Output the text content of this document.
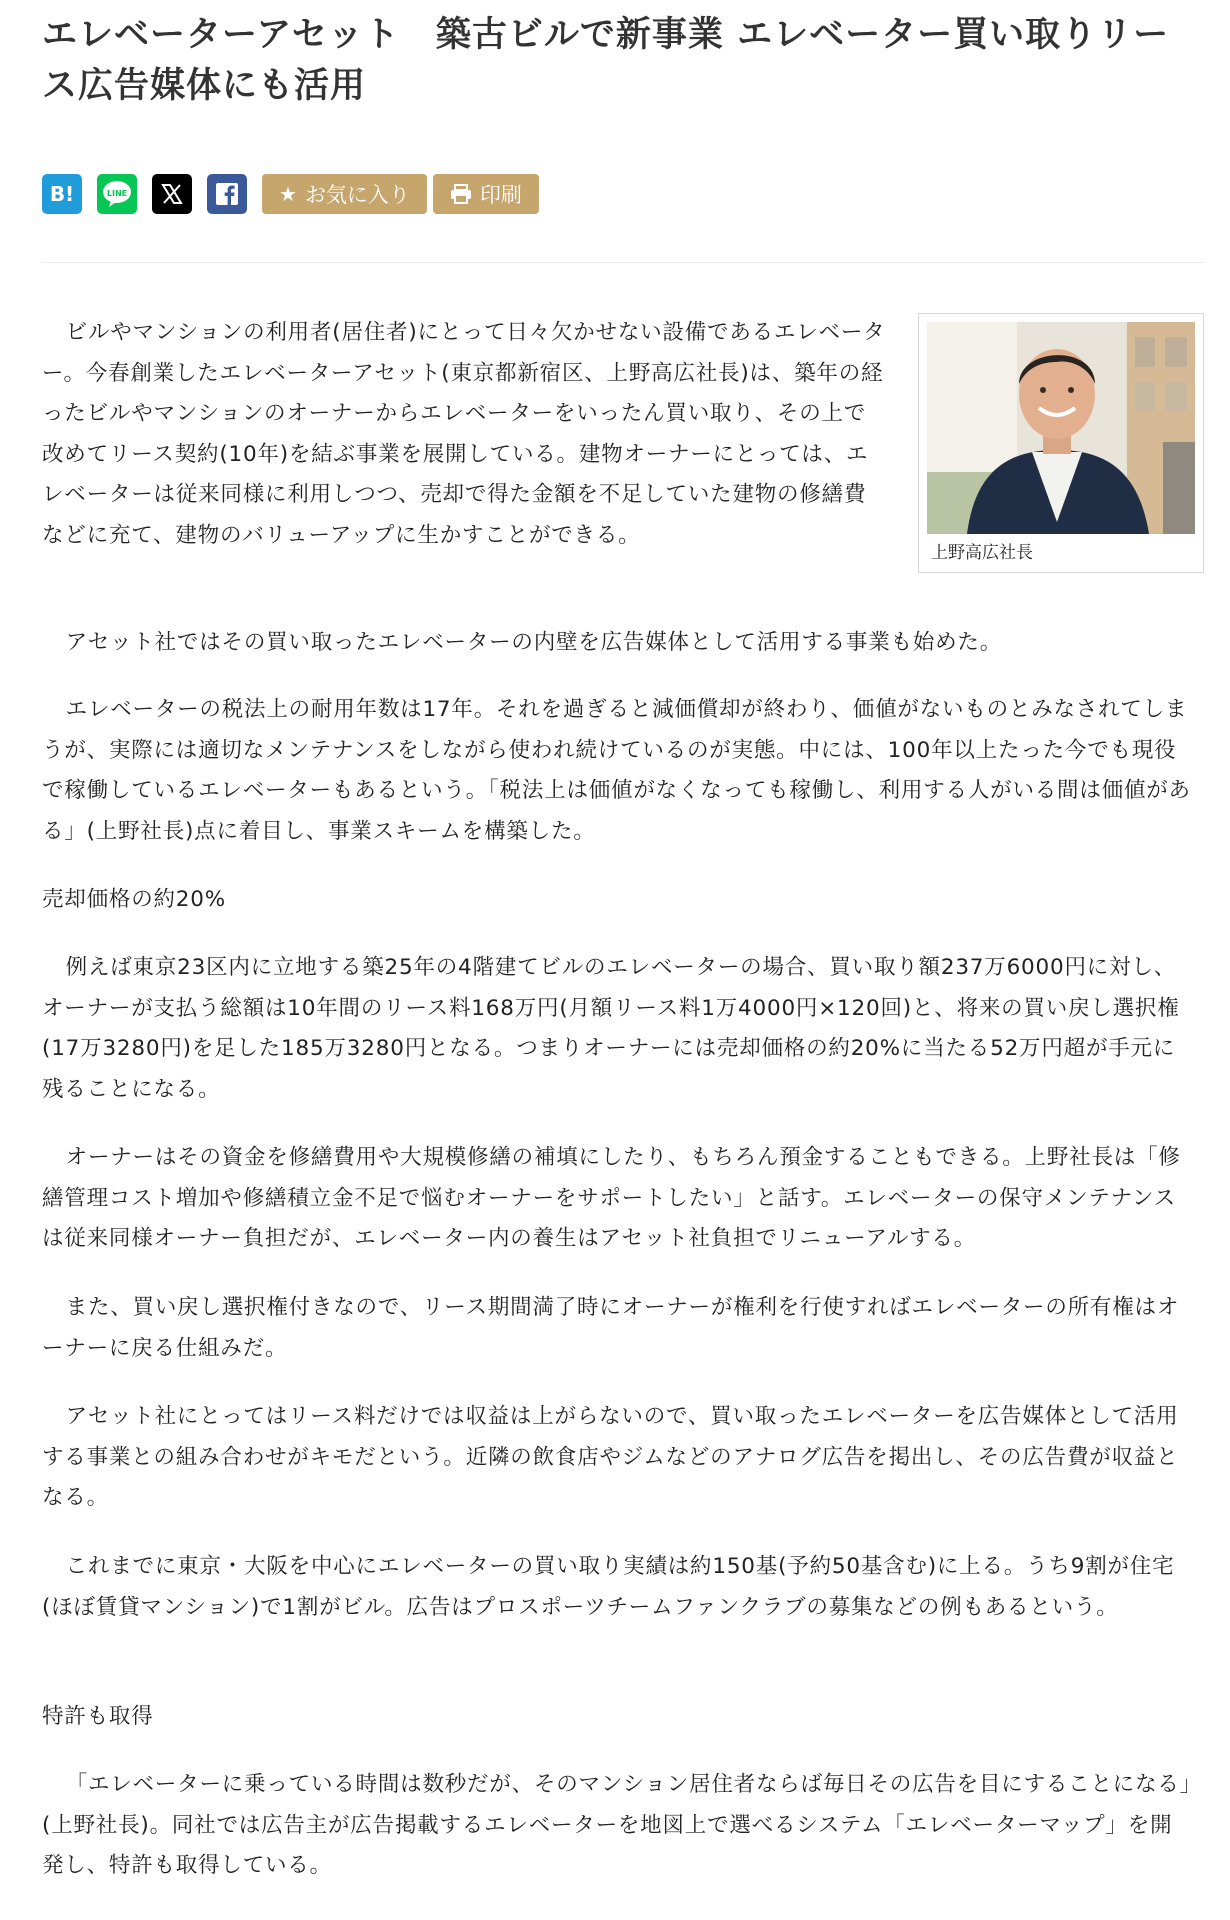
エレベーターアセット　築古ビルで新事業 エレベーター買い取りリース広告媒体にも活用
B!	LINE	★ お気に入り	印刷
上野高広社長

ビルやマンションの利用者(居住者)にとって日々欠かせない設備であるエレベーター。今春創業したエレベーターアセット(東京都新宿区、上野高広社長)は、築年の経ったビルやマンションのオーナーからエレベーターをいったん買い取り、その上で改めてリース契約(10年)を結ぶ事業を展開している。建物オーナーにとっては、エレベーターは従来同様に利用しつつ、売却で得た金額を不足していた建物の修繕費などに充て、建物のバリューアップに生かすことができる。

アセット社ではその買い取ったエレベーターの内壁を広告媒体として活用する事業も始めた。

エレベーターの税法上の耐用年数は17年。それを過ぎると減価償却が終わり、価値がないものとみなされてしまうが、実際には適切なメンテナンスをしながら使われ続けているのが実態。中には、100年以上たった今でも現役で稼働しているエレベーターもあるという。「税法上は価値がなくなっても稼働し、利用する人がいる間は価値がある」(上野社長)点に着目し、事業スキームを構築した。

売却価格の約20%

例えば東京23区内に立地する築25年の4階建てビルのエレベーターの場合、買い取り額237万6000円に対し、オーナーが支払う総額は10年間のリース料168万円(月額リース料1万4000円×120回)と、将来の買い戻し選択権(17万3280円)を足した185万3280円となる。つまりオーナーには売却価格の約20%に当たる52万円超が手元に残ることになる。

オーナーはその資金を修繕費用や大規模修繕の補填にしたり、もちろん預金することもできる。上野社長は「修繕管理コスト増加や修繕積立金不足で悩むオーナーをサポートしたい」と話す。エレベーターの保守メンテナンスは従来同様オーナー負担だが、エレベーター内の養生はアセット社負担でリニューアルする。

また、買い戻し選択権付きなので、リース期間満了時にオーナーが権利を行使すればエレベーターの所有権はオーナーに戻る仕組みだ。

アセット社にとってはリース料だけでは収益は上がらないので、買い取ったエレベーターを広告媒体として活用する事業との組み合わせがキモだという。近隣の飲食店やジムなどのアナログ広告を掲出し、その広告費が収益となる。

これまでに東京・大阪を中心にエレベーターの買い取り実績は約150基(予約50基含む)に上る。うち9割が住宅(ほぼ賃貸マンション)で1割がビル。広告はプロスポーツチームファンクラブの募集などの例もあるという。

特許も取得

「エレベーターに乗っている時間は数秒だが、そのマンション居住者ならば毎日その広告を目にすることになる」(上野社長)。同社では広告主が広告掲載するエレベーターを地図上で選べるシステム「エレベーターマップ」を開発し、特許も取得している。
